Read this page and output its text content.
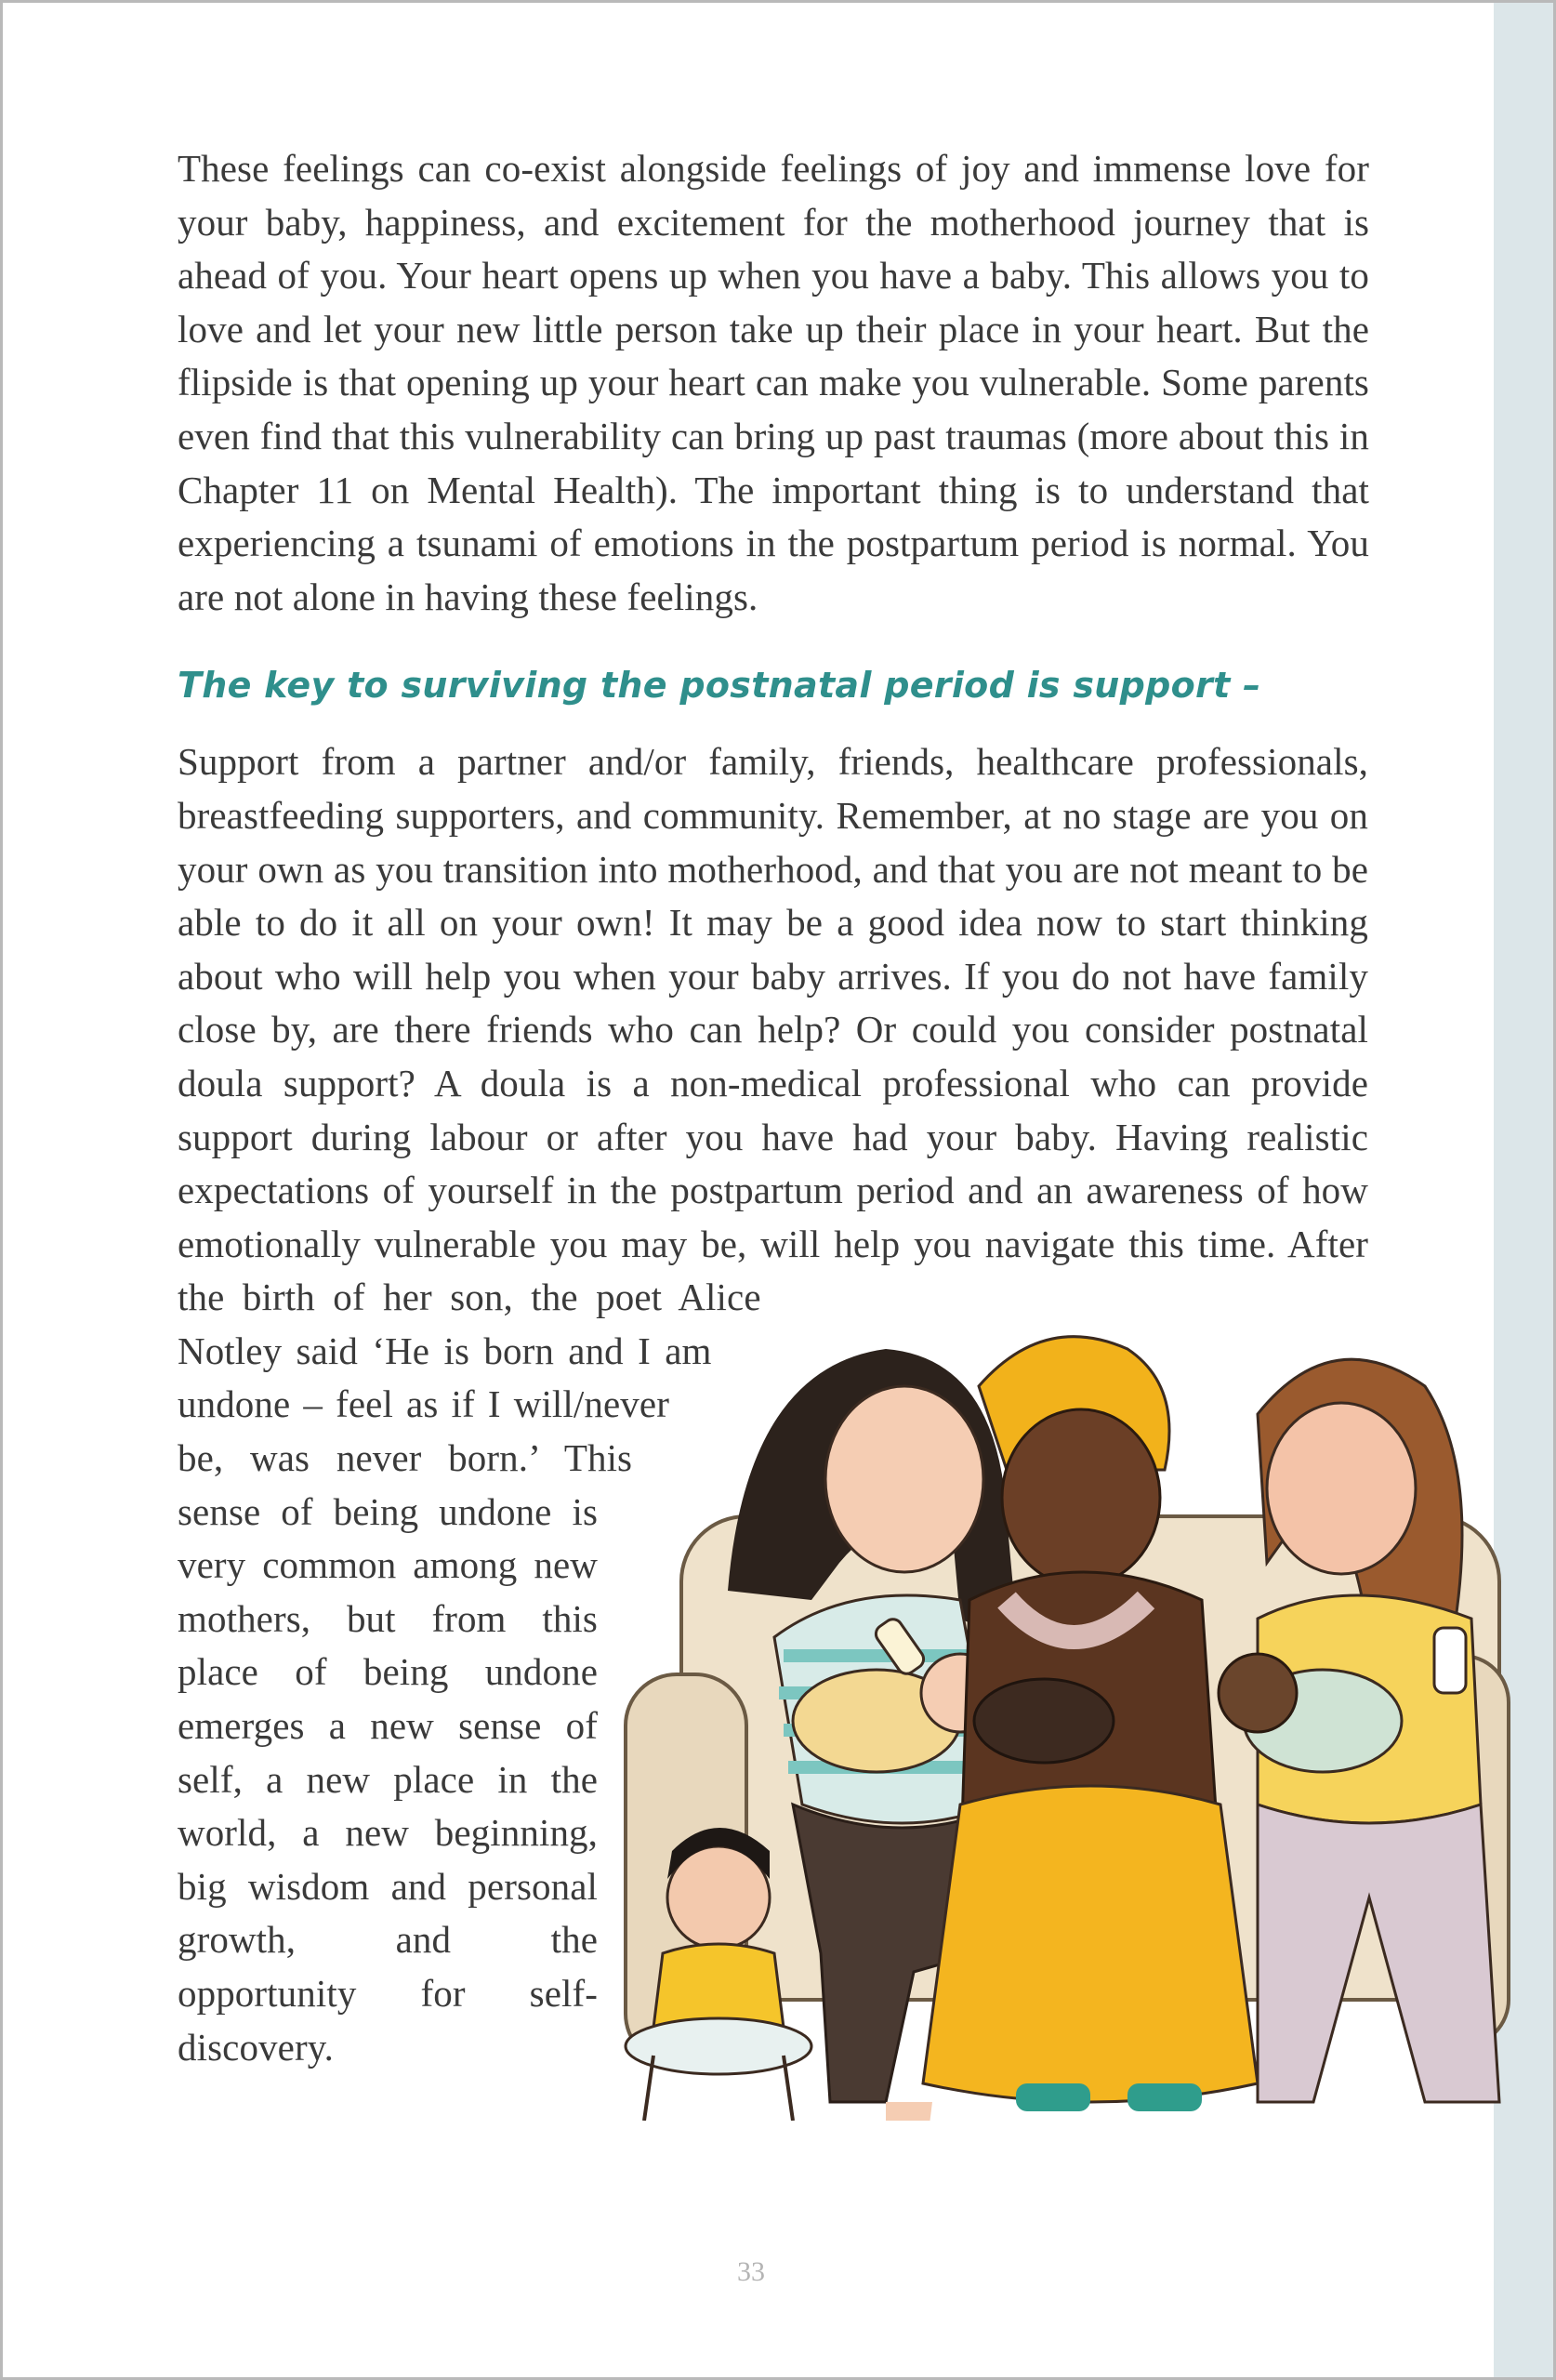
These feelings can co-exist alongside feelings of joy and immense love for your baby, happiness, and excitement for the motherhood journey that is ahead of you. Your heart opens up when you have a baby. This allows you to love and let your new little person take up their place in your heart. But the flipside is that opening up your heart can make you vulnerable. Some parents even find that this vulnerability can bring up past traumas (more about this in Chapter 11 on Mental Health). The important thing is to understand that experiencing a tsunami of emotions in the postpartum period is normal. You are not alone in having these feelings.

The key to surviving the postnatal period is support –

Support from a partner and/or family, friends, healthcare professionals, breastfeeding supporters, and community. Remember, at no stage are you on your own as you transition into motherhood, and that you are not meant to be able to do it all on your own! It may be a good idea now to start thinking about who will help you when your baby arrives. If you do not have family close by, are there friends who can help? Or could you consider postnatal doula support? A doula is a non-medical professional who can provide support during labour or after you have had your baby. Having realistic expectations of yourself in the postpartum period and an awareness of how emotionally vulnerable you may be, will help you navigate this time. After the birth of her son, the poet Alice Notley said ‘He is born and I am undone – feel as if I will/never be, was never born.’ This sense of being undone is very common among new mothers, but from this place of being undone emerges a new sense of self, a new place in the world, a new beginning, big wisdom and personal growth, and the opportunity for self-discovery.

33
